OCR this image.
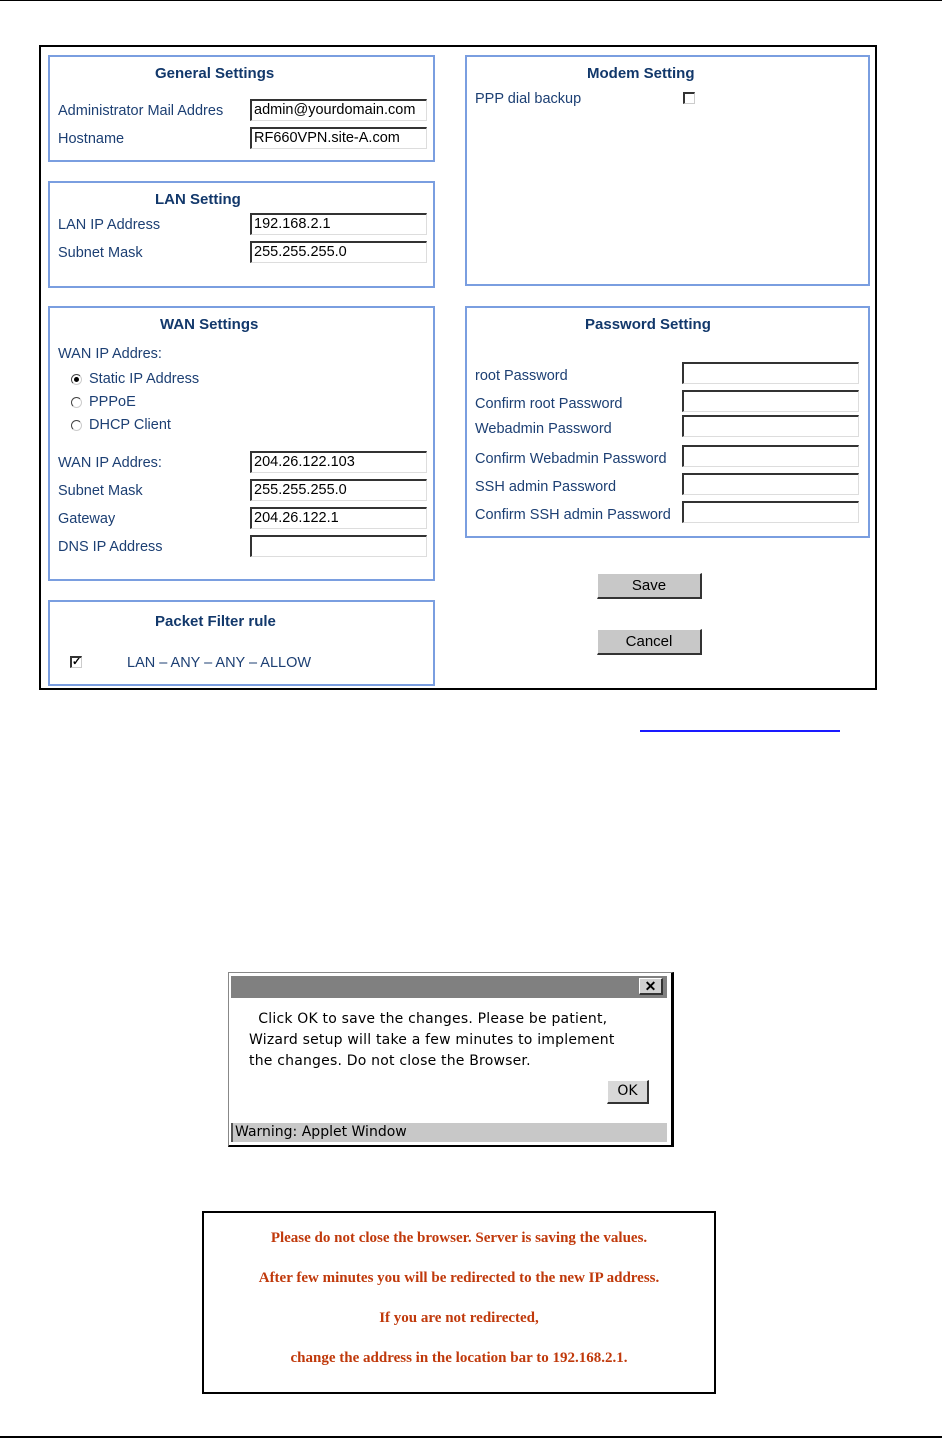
General Settings
Administrator Mail Addres	admin@yourdomain.com
Hostname	RF660VPN.site-A.com
LAN Setting
LAN IP Address	192.168.2.1
Subnet Mask	255.255.255.0
WAN Settings
WAN IP Addres:
Static IP Address
PPPoE
DHCP Client
WAN IP Addres:	204.26.122.103
Subnet Mask	255.255.255.0
Gateway	204.26.122.1
DNS IP Address
Packet Filter rule
✓	LAN – ANY – ANY – ALLOW
Modem Setting
PPP dial backup
Password Setting
root Password
Confirm root Password
Webadmin Password
Confirm Webadmin Password
SSH admin Password
Confirm SSH admin Password
Save
Cancel
✕
Click OK to save the changes. Please be patient,
Wizard setup will take a few minutes to implement
the changes. Do not close the Browser.
OK
Warning: Applet Window
Please do not close the browser. Server is saving the values.
After few minutes you will be redirected to the new IP address.
If you are not redirected,
change the address in the location bar to 192.168.2.1.
